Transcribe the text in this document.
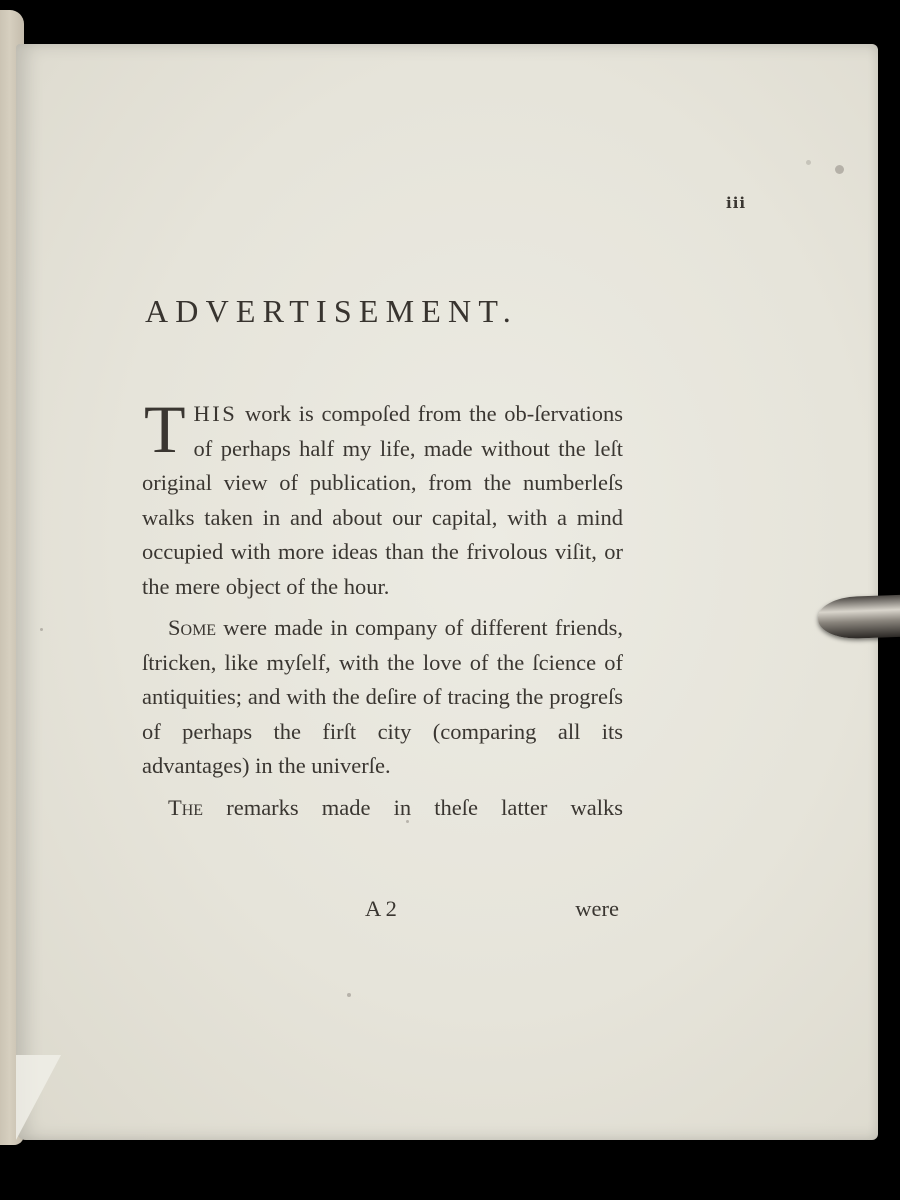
iii
ADVERTISEMENT.

THIS work is compoſed from the ob-ſervations of perhaps half my life, made without the leſt original view of publication, from the numberleſs walks taken in and about our capital, with a mind occupied with more ideas than the frivolous viſit, or the mere object of the hour.

Some were made in company of different friends, ſtricken, like myſelf, with the love of the ſcience of antiquities; and with the deſire of tracing the progreſs of perhaps the firſt city (comparing all its advantages) in the univerſe.

The remarks made in theſe latter walks

A 2	were
